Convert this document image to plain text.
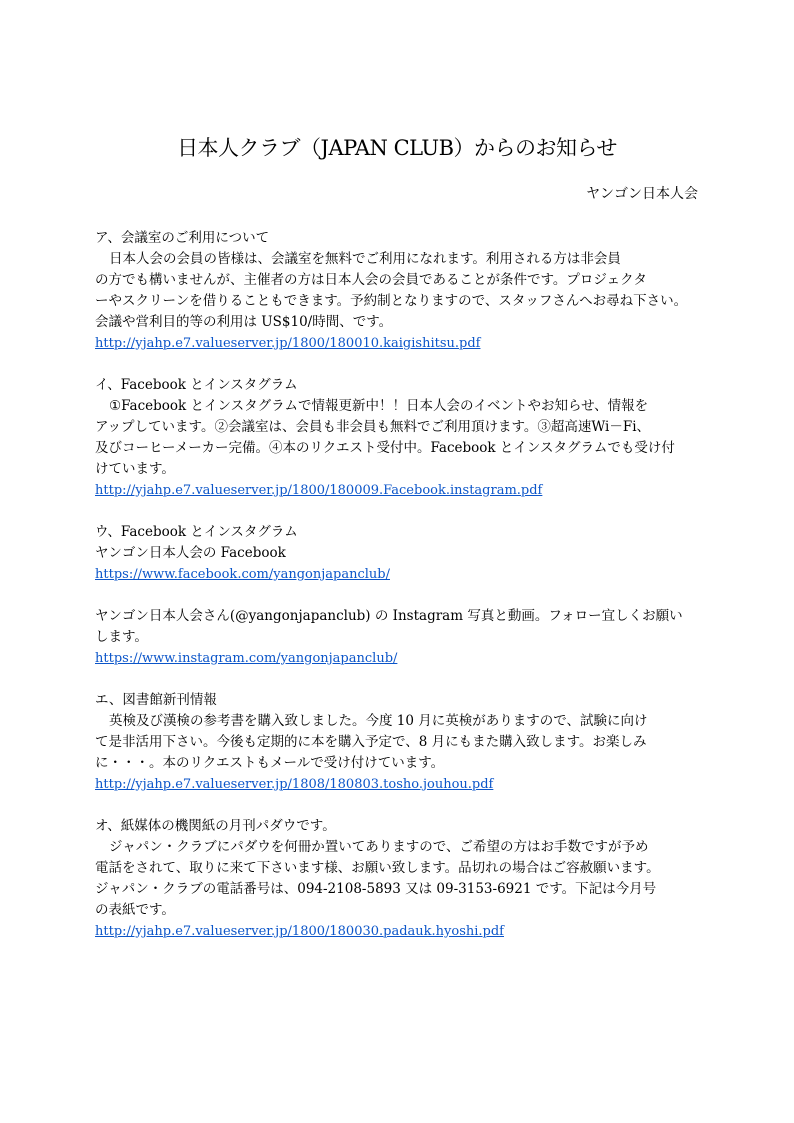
日本人クラブ（JAPAN CLUB）からのお知らせ
ヤンゴン日本人会
ア、会議室のご利用について
日本人会の会員の皆様は、会議室を無料でご利用になれます。利用される方は非会員
の方でも構いませんが、主催者の方は日本人会の会員であることが条件です。プロジェクタ
ーやスクリーンを借りることもできます。予約制となりますので、スタッフさんへお尋ね下さい。
会議や営利目的等の利用は US$10/時間、です。
http://yjahp.e7.valueserver.jp/1800/180010.kaigishitsu.pdf
イ、Facebook とインスタグラム
①Facebook とインスタグラムで情報更新中！！日本人会のイベントやお知らせ、情報を
アップしています。②会議室は、会員も非会員も無料でご利用頂けます。③超高速Wi－Fi、
及びコーヒーメーカー完備。④本のリクエスト受付中。Facebook とインスタグラムでも受け付
けています。
http://yjahp.e7.valueserver.jp/1800/180009.Facebook.instagram.pdf
ウ、Facebook とインスタグラム
ヤンゴン日本人会の Facebook
https://www.facebook.com/yangonjapanclub/
ヤンゴン日本人会さん(@yangonjapanclub) の Instagram 写真と動画。フォロー宜しくお願い
します。
https://www.instagram.com/yangonjapanclub/
エ、図書館新刊情報
英検及び漢検の参考書を購入致しました。今度 10 月に英検がありますので、試験に向け
て是非活用下さい。今後も定期的に本を購入予定で、8 月にもまた購入致します。お楽しみ
に・・・。本のリクエストもメールで受け付けています。
http://yjahp.e7.valueserver.jp/1808/180803.tosho.jouhou.pdf
オ、紙媒体の機関紙の月刊パダウです。
ジャパン・クラブにパダウを何冊か置いてありますので、ご希望の方はお手数ですが予め
電話をされて、取りに来て下さいます様、お願い致します。品切れの場合はご容赦願います。
ジャパン・クラブの電話番号は、094-2108-5893 又は 09-3153-6921 です。下記は今月号
の表紙です。
http://yjahp.e7.valueserver.jp/1800/180030.padauk.hyoshi.pdf
